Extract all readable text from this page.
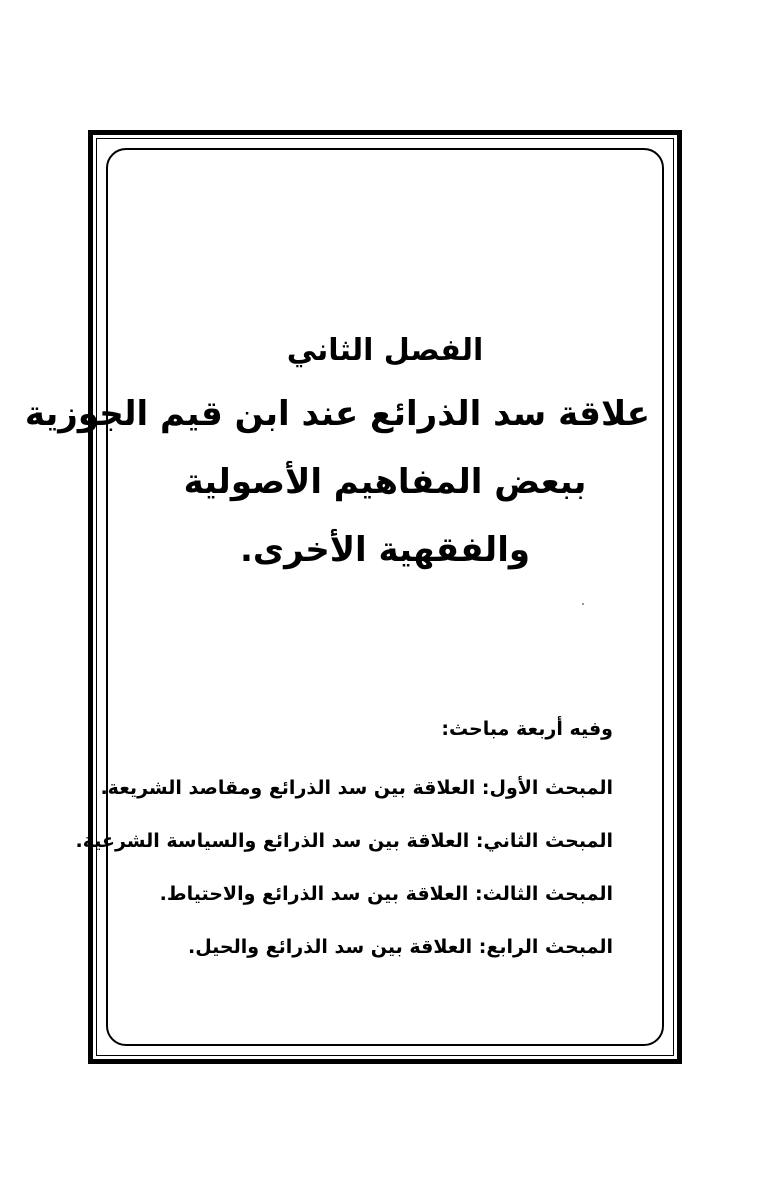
الفصل الثاني

علاقة سد الذرائع عند ابن قيم الجوزية

ببعض المفاهيم الأصولية

والفقهية الأخرى.

وفيه أربعة مباحث:

المبحث الأول: العلاقة بين سد الذرائع ومقاصد الشريعة.

المبحث الثاني: العلاقة بين سد الذرائع والسياسة الشرعية.

المبحث الثالث: العلاقة بين سد الذرائع والاحتياط.

المبحث الرابع: العلاقة بين سد الذرائع والحيل.
